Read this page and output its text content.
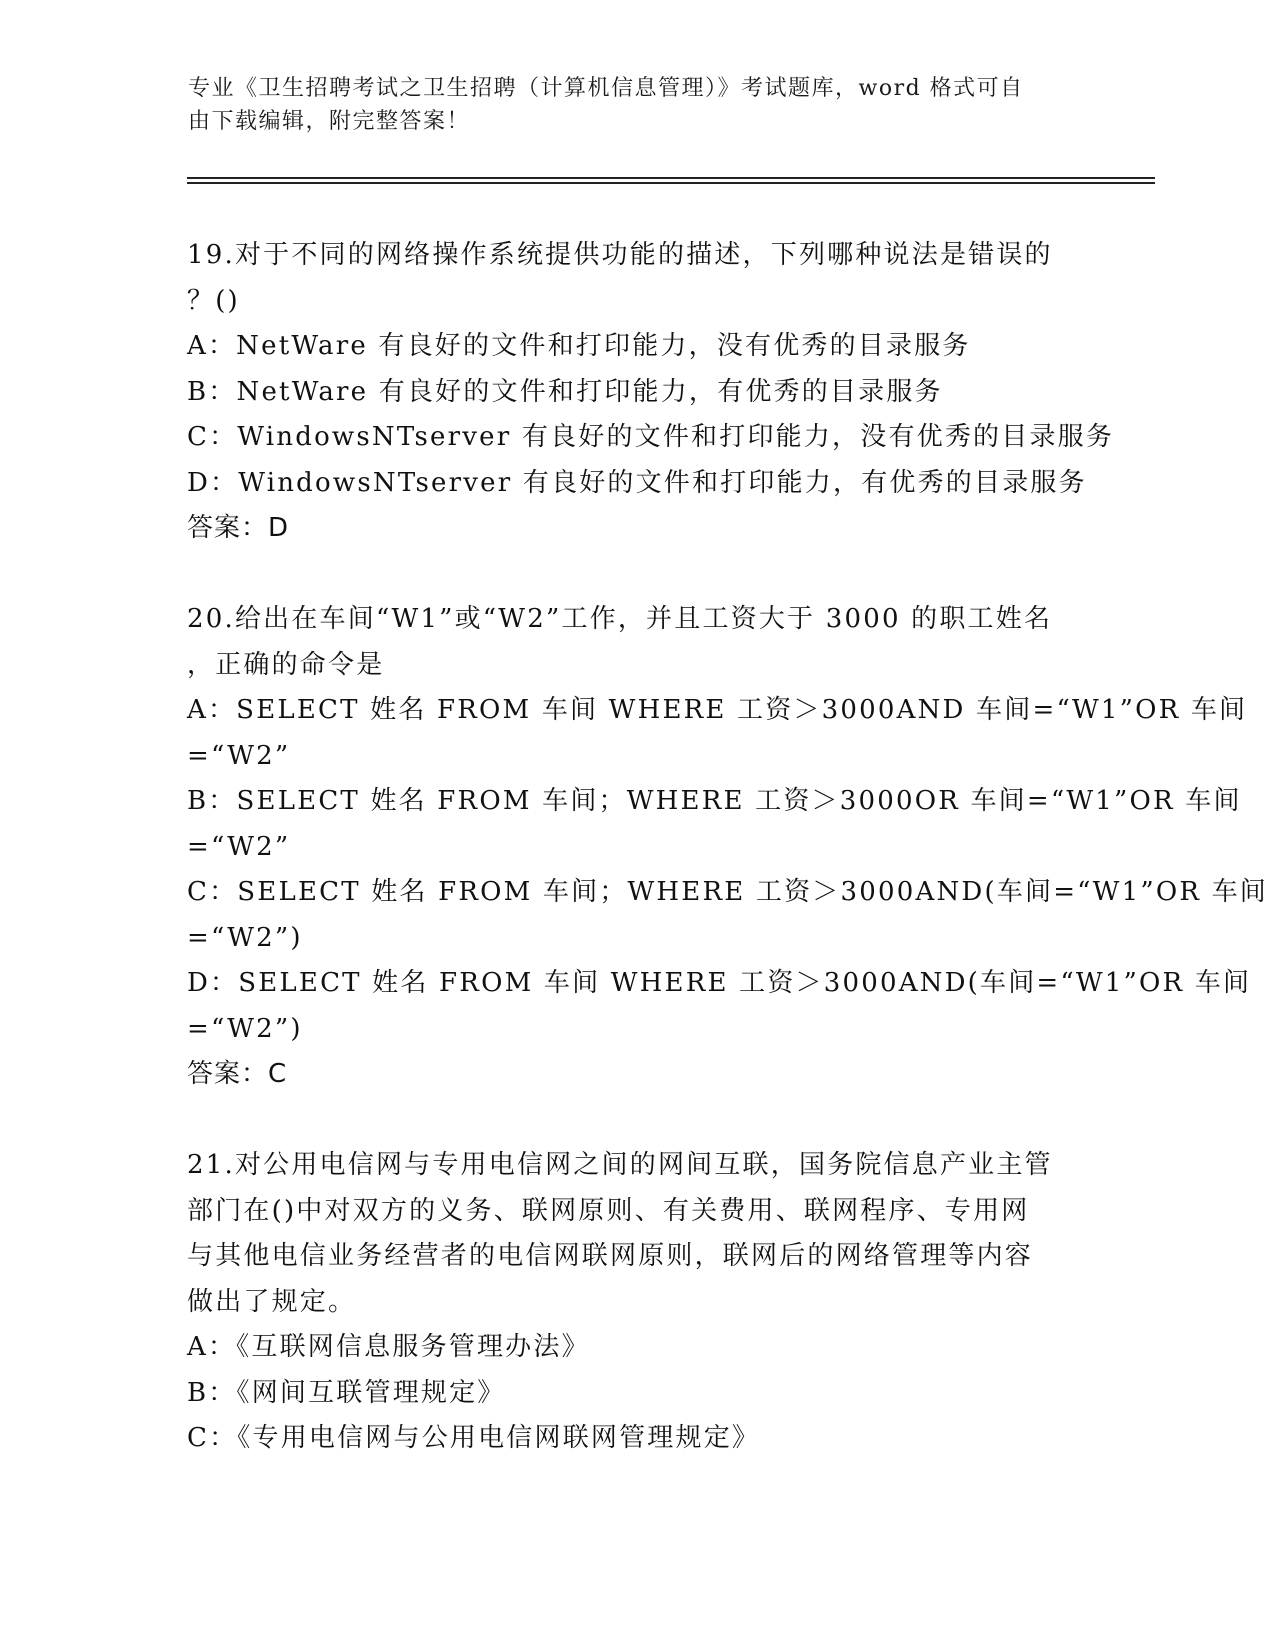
专业《卫生招聘考试之卫生招聘（计算机信息管理）》考试题库，word 格式可自
由下载编辑，附完整答案！
19.对于不同的网络操作系统提供功能的描述，下列哪种说法是错误的
？()
A：NetWare 有良好的文件和打印能力，没有优秀的目录服务
B：NetWare 有良好的文件和打印能力，有优秀的目录服务
C：WindowsNTserver 有良好的文件和打印能力，没有优秀的目录服务
D：WindowsNTserver 有良好的文件和打印能力，有优秀的目录服务
答案：D
20.给出在车间“W1”或“W2”工作，并且工资大于 3000 的职工姓名
，正确的命令是
A：SELECT 姓名 FROM 车间 WHERE 工资＞3000AND 车间=“W1”OR 车间
=“W2”
B：SELECT 姓名 FROM 车间；WHERE 工资＞3000OR 车间=“W1”OR 车间
=“W2”
C：SELECT 姓名 FROM 车间；WHERE 工资＞3000AND(车间=“W1”OR 车间
=“W2”)
D：SELECT 姓名 FROM 车间 WHERE 工资＞3000AND(车间=“W1”OR 车间
=“W2”)
答案：C
21.对公用电信网与专用电信网之间的网间互联，国务院信息产业主管
部门在()中对双方的义务、联网原则、有关费用、联网程序、专用网
与其他电信业务经营者的电信网联网原则，联网后的网络管理等内容
做出了规定。
A：《互联网信息服务管理办法》
B：《网间互联管理规定》
C：《专用电信网与公用电信网联网管理规定》
